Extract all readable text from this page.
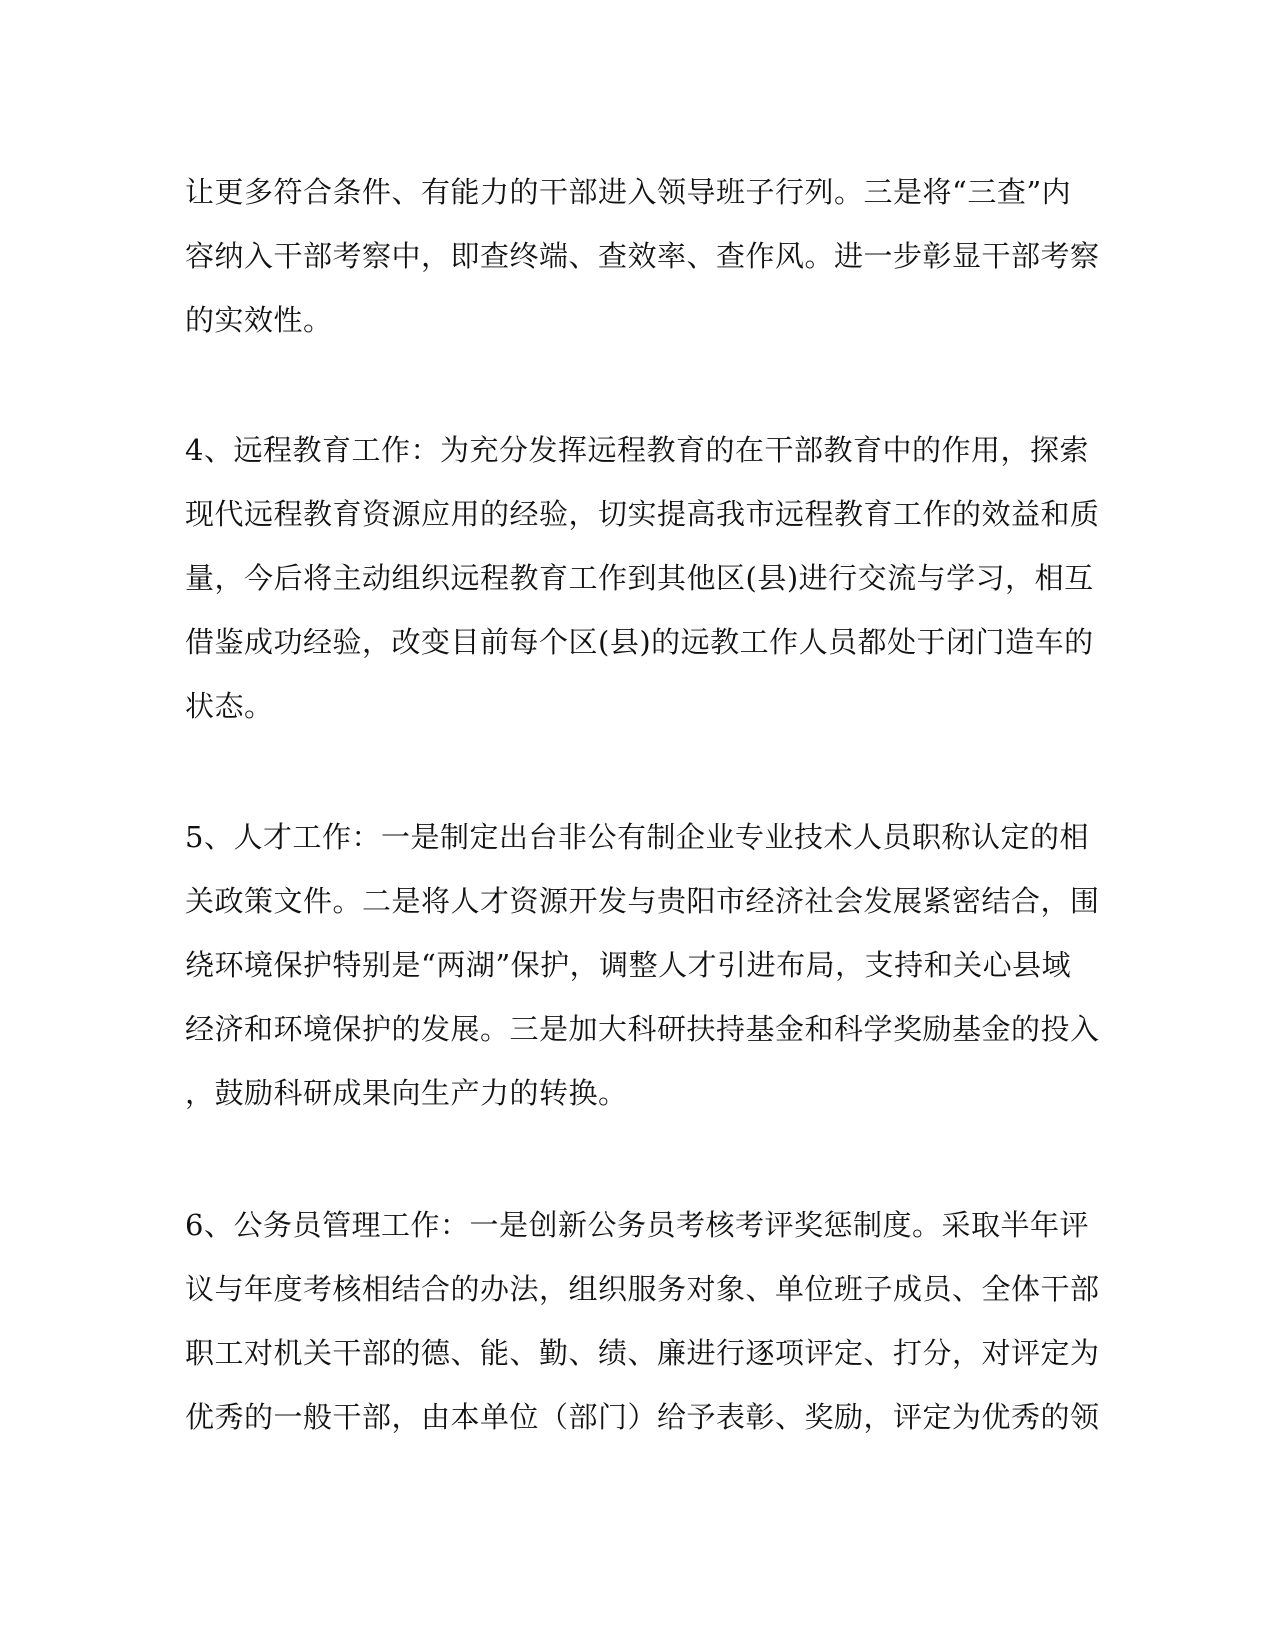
让更多符合条件、有能力的干部进入领导班子行列。三是将“三查”内
容纳入干部考察中，即查终端、查效率、查作风。进一步彰显干部考察
的实效性。
4、远程教育工作：为充分发挥远程教育的在干部教育中的作用，探索
现代远程教育资源应用的经验，切实提高我市远程教育工作的效益和质
量，今后将主动组织远程教育工作到其他区(县)进行交流与学习，相互
借鉴成功经验，改变目前每个区(县)的远教工作人员都处于闭门造车的
状态。
5、人才工作：一是制定出台非公有制企业专业技术人员职称认定的相
关政策文件。二是将人才资源开发与贵阳市经济社会发展紧密结合，围
绕环境保护特别是“两湖”保护，调整人才引进布局，支持和关心县域
经济和环境保护的发展。三是加大科研扶持基金和科学奖励基金的投入
，鼓励科研成果向生产力的转换。
6、公务员管理工作：一是创新公务员考核考评奖惩制度。采取半年评
议与年度考核相结合的办法，组织服务对象、单位班子成员、全体干部
职工对机关干部的德、能、勤、绩、廉进行逐项评定、打分，对评定为
优秀的一般干部，由本单位（部门）给予表彰、奖励，评定为优秀的领
